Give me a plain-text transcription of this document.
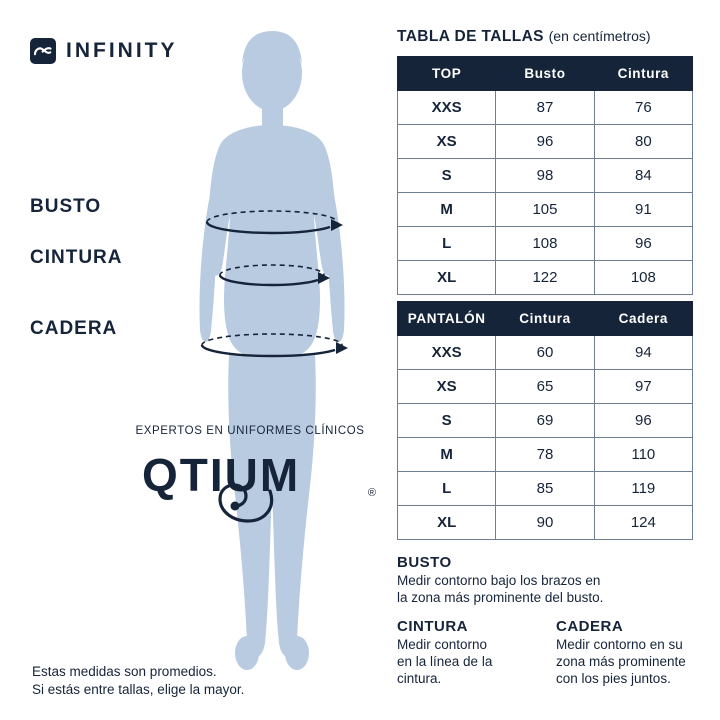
INFINITY
BUSTO
CINTURA
CADERA
EXPERTOS EN UNIFORMES CLÍNICOS
QTIUM	®
Estas medidas son promedios.
Si estás entre tallas, elige la mayor.
TABLA DE TALLAS (en centímetros)
TOP	Busto	Cintura
XXS	87	76
XS	96	80
S	98	84
M	105	91
L	108	96
XL	122	108
PANTALÓN	Cintura	Cadera
XXS	60	94
XS	65	97
S	69	96
M	78	110
L	85	119
XL	90	124
BUSTO
Medir contorno bajo los brazos en
la zona más prominente del busto.
CINTURA
Medir contorno
en la línea de la
cintura.
CADERA
Medir contorno en su
zona más prominente
con los pies juntos.
